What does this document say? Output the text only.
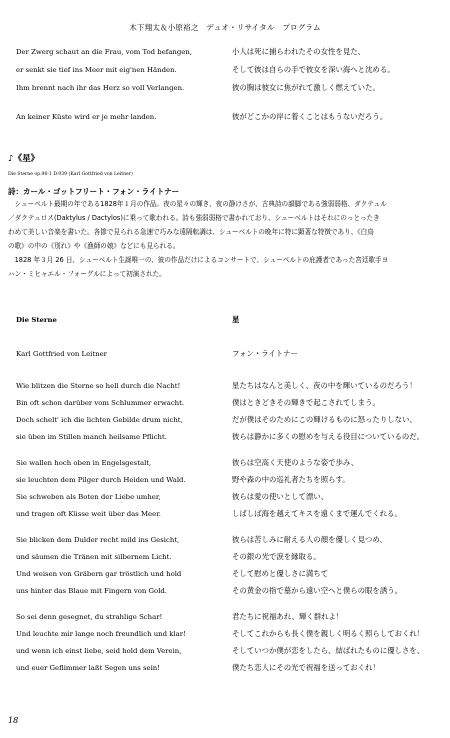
木下翔太＆小原裕之　デュオ・リサイタル　プログラム
Der Zwerg schaut an die Frau, vom Tod befangen,	小人は死に捕らわれたその女性を見た、
er senkt sie tief ins Meer mit eig'nen Händen.	そして彼は自らの手で彼女を深い海へと沈める。
Ihm brennt nach ihr das Herz so voll Verlangen.	彼の胸は彼女に焦がれて激しく燃えていた。
An keiner Küste wird er je mehr landen.	彼がどこかの岸に着くことはもうないだろう。
♪《星》
Die Sterne op.96-1 D.939 (Karl Gottfried von Leitner)
詩：カール・ゴットフリート・フォン・ライトナー
　シューベルト最期の年である1828年１月の作品。夜の星々の輝き、夜の静けさが、古典詩の韻脚である強弱弱格、ダクテュル
／ダクテュロス(Daktylus / Dactylos)に乗って歌われる。詩も強弱弱格で書かれており、シューベルトはそれにのっとったき
わめて美しい音楽を書いた。各節で見られる急速で巧みな遠隔転調は、シューベルトの晩年に特に顕著な特徴であり、《白鳥
の歌》の中の《別れ》や《漁師の娘》などにも見られる。
　1828 年３月 26 日、シューベルト生誕唯一の、彼の作品だけによるコンサートで、シューベルトの庇護者であった宮廷歌手ヨ
ハン・ミヒャエル・フォーグルによって初演された。
Die Sterne	星
Karl Gottfried von Leitner	フォン・ライトナー
Wie blitzen die Sterne so hell durch die Nacht!	星たちはなんと美しく、夜の中を輝いているのだろう！
Bin oft schon darüber vom Schlummer erwacht.	僕はときどきその輝きで起こされてしまう。
Doch schelt' ich die lichten Gebilde drum nicht,	だが僕はそのためにこの輝けるものに怒ったりしない、
sie üben im Stillen manch heilsame Pflicht.	彼らは静かに多くの慰めを与える役目についているのだ。
Sie wallen hoch oben in Engelsgestalt,	彼らは空高く天使のような姿で歩み、
sie leuchten dem Pilger durch Heiden und Wald.	野や森の中の巡礼者たちを照らす。
Sie schweben als Boten der Liebe umher,	彼らは愛の使いとして漂い、
und tragen oft Küsse weit über das Meer.	しばしば海を越えてキスを遠くまで運んでくれる。
Sie blicken dem Dulder recht mild ins Gesicht,	彼らは苦しみに耐える人の顔を優しく見つめ、
und säumen die Tränen mit silbernem Licht.	その銀の光で涙を縁取る。
Und weisen von Gräbern gar tröstlich und hold	そして慰めと優しさに満ちて
uns hinter das Blaue mit Fingern von Gold.	その黄金の指で墓から遠い空へと僕らの眼を誘う。
So sei denn gesegnet, du strahlige Schar!	君たちに祝福あれ、輝く群れよ！
Und leuchte mir lange noch freundlich und klar!	そしてこれからも長く僕を親しく明るく照らしておくれ！
und wenn ich einst liebe, seid hold dem Verein,	そしていつか僕が恋をしたら、結ばれたものに優しさを、
und euer Geflimmer laßt Segen uns sein!	僕たち恋人にその光で祝福を送っておくれ！
18
